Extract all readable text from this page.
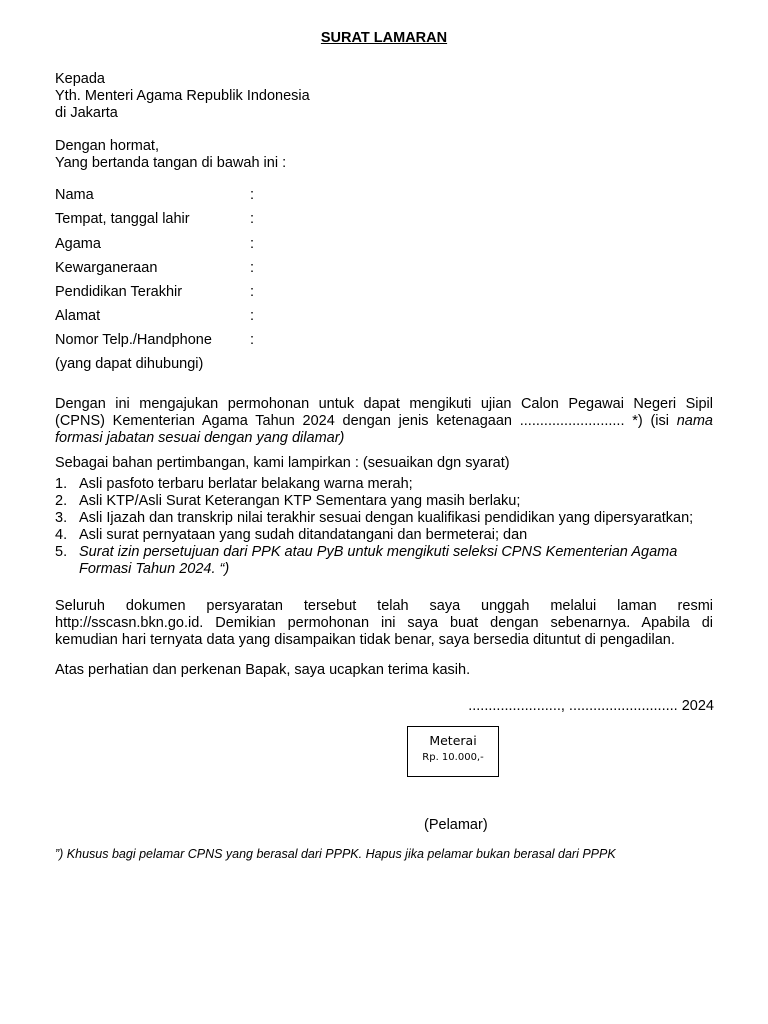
SURAT LAMARAN
Kepada
Yth. Menteri Agama Republik Indonesia
di Jakarta
Dengan hormat,
Yang bertanda tangan di bawah ini :
Nama	:
Tempat, tanggal lahir	:
Agama	:
Kewarganeraan	:
Pendidikan Terakhir	:
Alamat	:
Nomor Telp./Handphone	:
(yang dapat dihubungi)
Dengan ini mengajukan permohonan untuk dapat mengikuti ujian Calon Pegawai Negeri Sipil
(CPNS) Kementerian Agama Tahun 2024 dengan jenis ketenagaan .......................... *) (isi nama
formasi jabatan sesuai dengan yang dilamar)
Sebagai bahan pertimbangan, kami lampirkan : (sesuaikan dgn syarat)
1. Asli pasfoto terbaru berlatar belakang warna merah;
2. Asli KTP/Asli Surat Keterangan KTP Sementara yang masih berlaku;
3. Asli Ijazah dan transkrip nilai terakhir sesuai dengan kualifikasi pendidikan yang dipersyaratkan;
4. Asli surat pernyataan yang sudah ditandatangani dan bermeterai; dan
5. Surat izin persetujuan dari PPK atau PyB untuk mengikuti seleksi CPNS Kementerian Agama
Formasi Tahun 2024. “)
Seluruh dokumen persyaratan tersebut telah saya unggah melalui laman resmi
http://sscasn.bkn.go.id. Demikian permohonan ini saya buat dengan sebenarnya. Apabila di
kemudian hari ternyata data yang disampaikan tidak benar, saya bersedia dituntut di pengadilan.
Atas perhatian dan perkenan Bapak, saya ucapkan terima kasih.
......................., ........................... 2024
Meterai
Rp. 10.000,-
(Pelamar)
”) Khusus bagi pelamar CPNS yang berasal dari PPPK. Hapus jika pelamar bukan berasal dari PPPK
